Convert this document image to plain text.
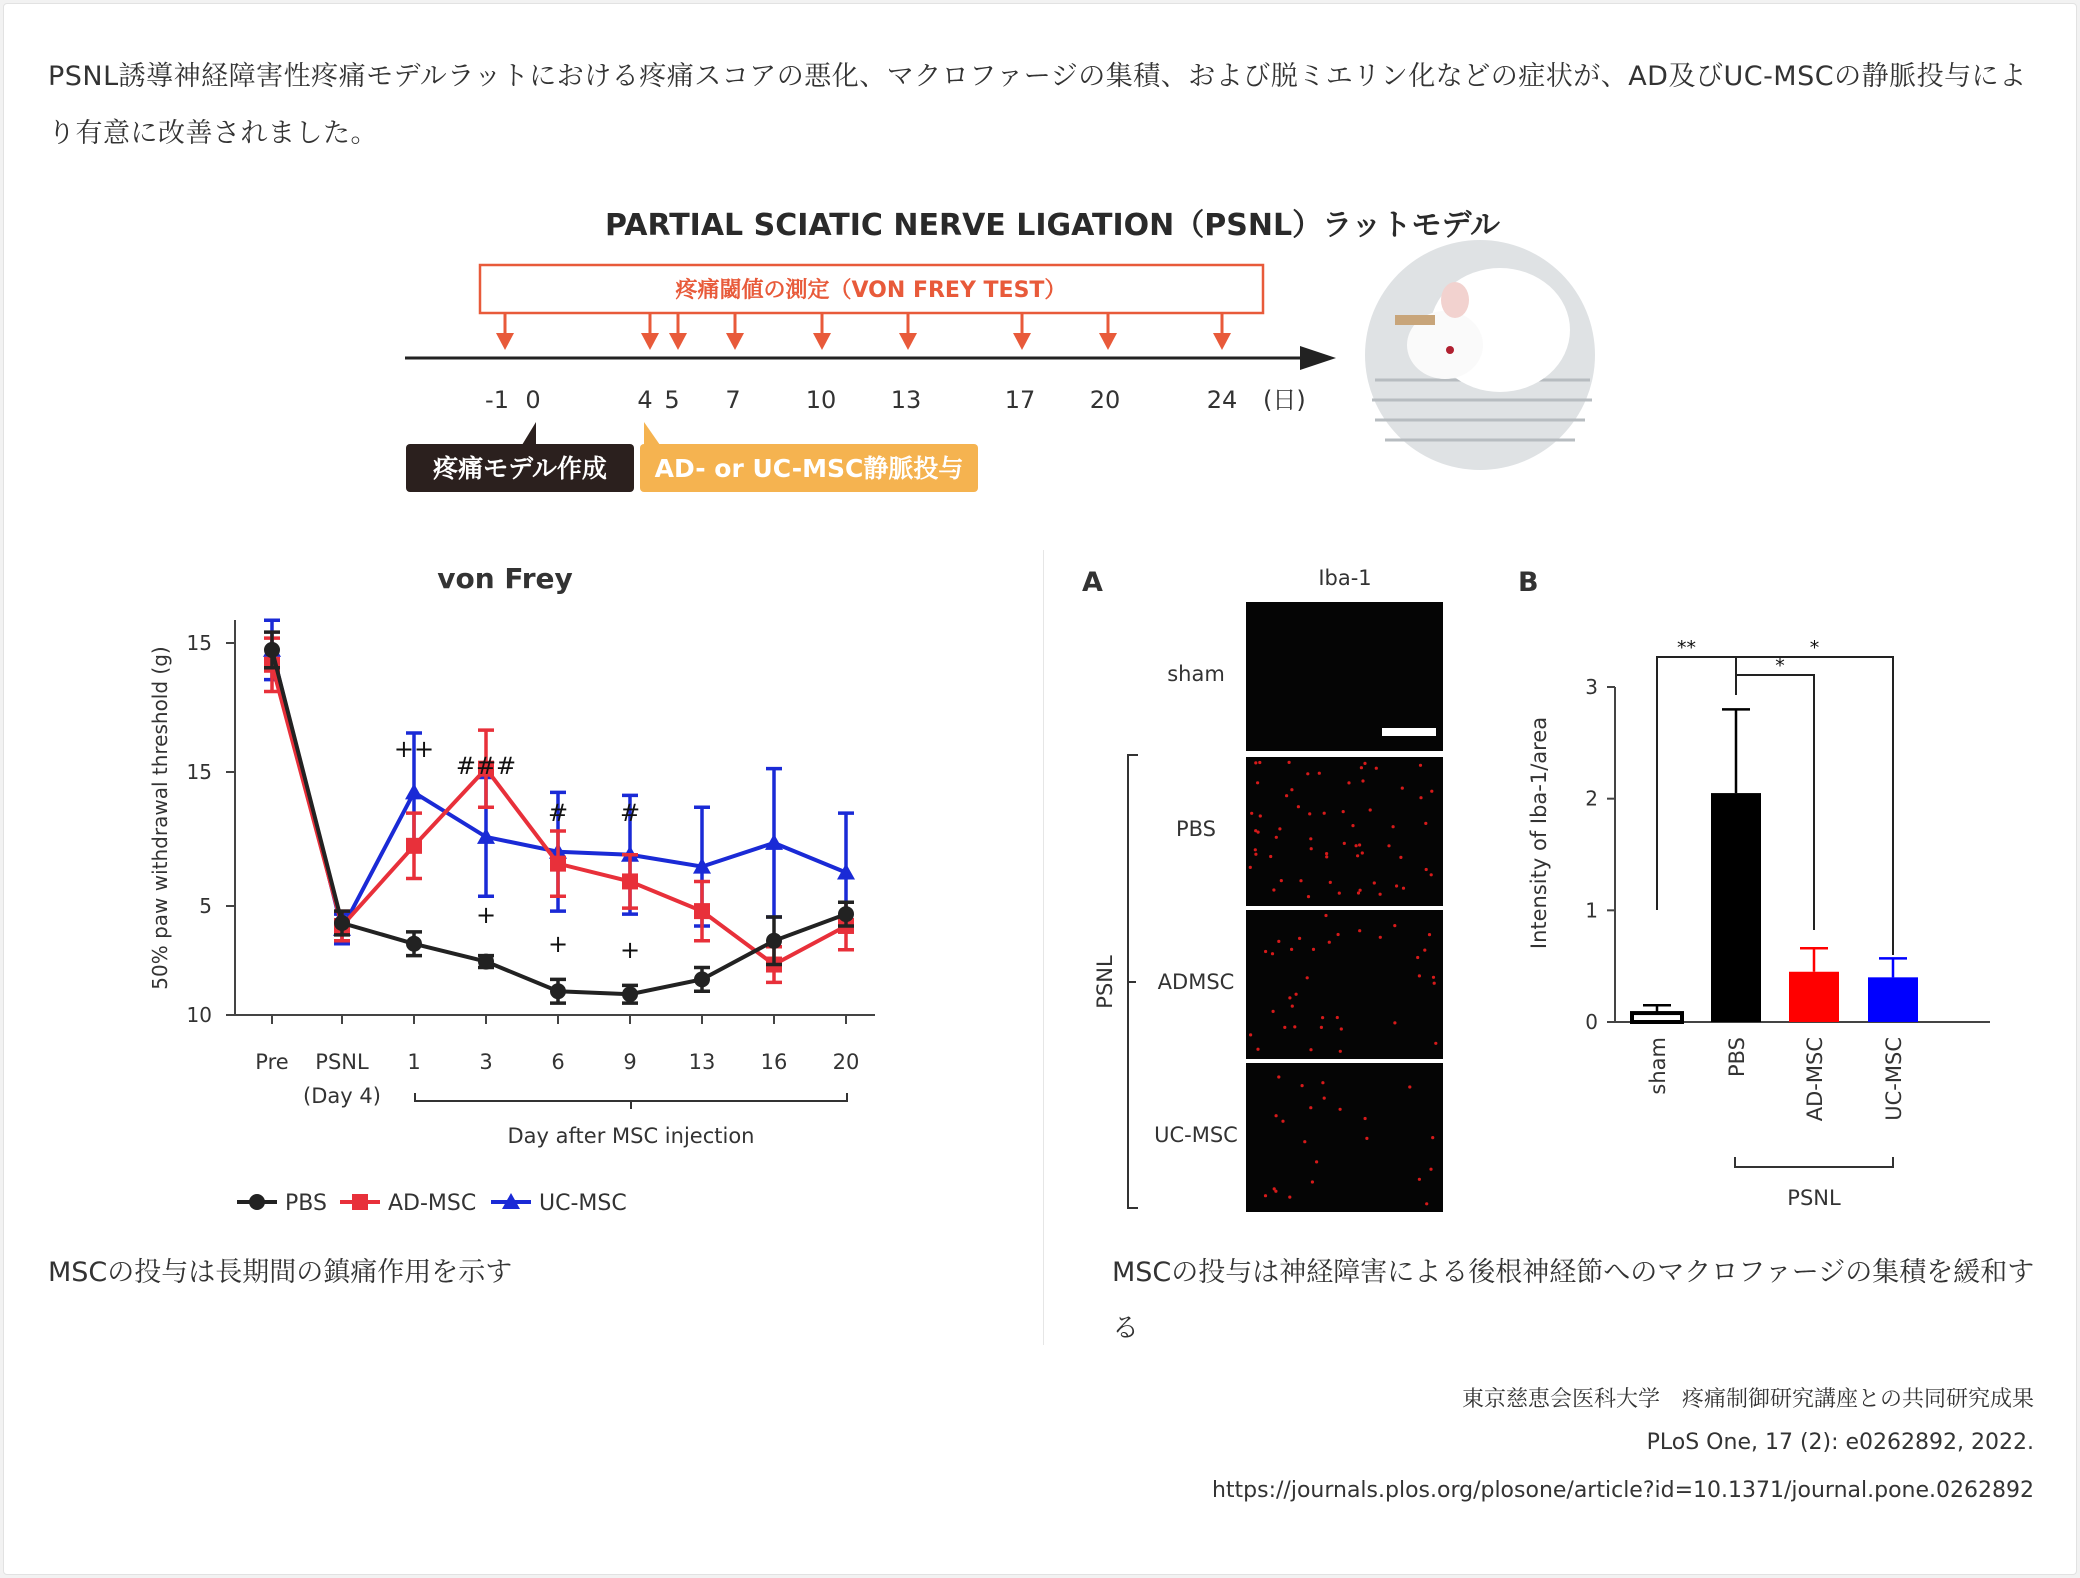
PSNL誘導神経障害性疼痛モデルラットにおける疼痛スコアの悪化、マクロファージの集積、および脱ミエリン化などの症状が、AD及びUC-MSCの静脈投与により有意に改善されました。
PARTIAL SCIATIC NERVE LIGATION（PSNL）ラットモデル
疼痛閾値の測定（VON FREY TEST）
-1 0	4 5 7	10 13	17 20	24 (日)
疼痛モデル作成 AD- or UC-MSC静脈投与
von Frey
50% paw withdrawal threshold (g)
10
5
15
15
Pre PSNL
(Day 4)
1	3	6	9 13 16 20
Day after MSC injection
++
###
# #
+
+ +
PBS	AD-MSC	UC-MSC
A	Iba-1
sham
PBS
ADMSC
UC-MSC
PSNL
B
Intensity of Iba-1/area
0
1
2
3
**
*
*
sham	PBS	AD-MSC	UC-MSC
PSNL
MSCの投与は長期間の鎮痛作用を示す	MSCの投与は神経障害による後根神経節へのマクロファージの集積を緩和する
東京慈恵会医科大学　疼痛制御研究講座との共同研究成果
PLoS One, 17 (2): e0262892, 2022.
https://journals.plos.org/plosone/article?id=10.1371/journal.pone.0262892
